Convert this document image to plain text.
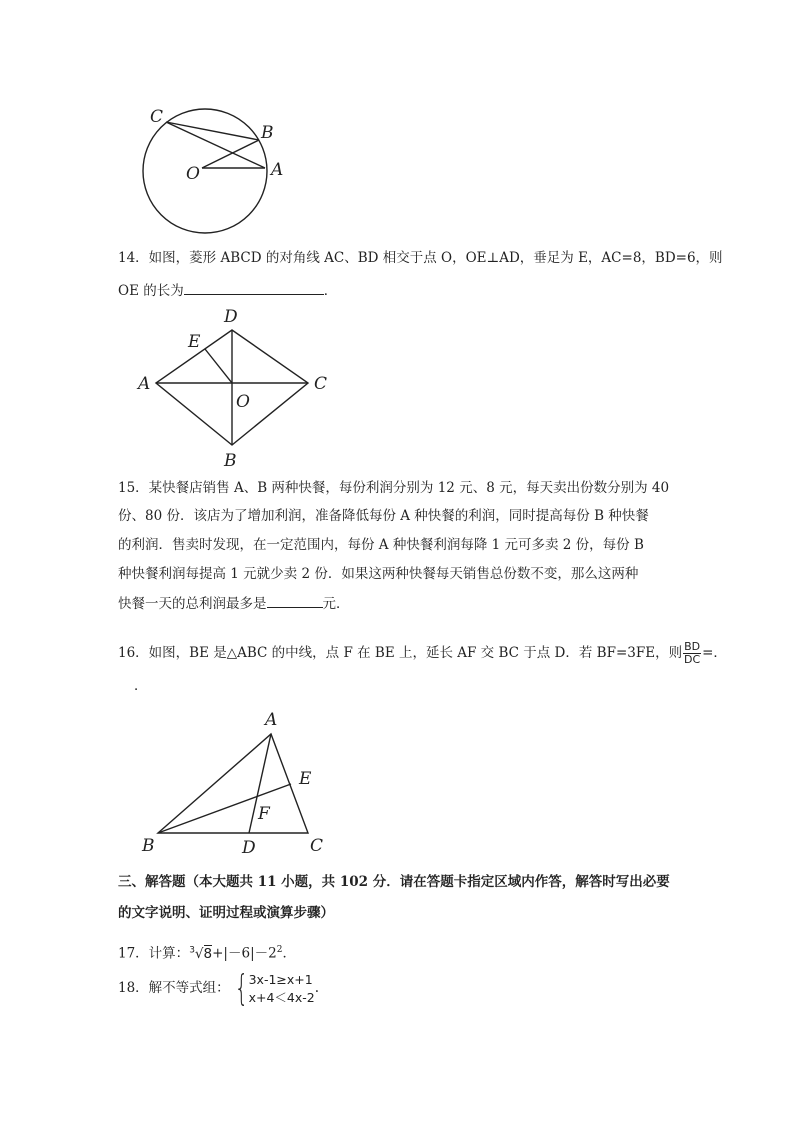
C
B
O	A
14．如图，菱形 ABCD 的对角线 AC、BD 相交于点 O，OE⊥AD，垂足为 E，AC=8，BD=6，则
OE 的长为	．
D
E
A	C
O
B
15．某快餐店销售 A、B 两种快餐，每份利润分别为 12 元、8 元，每天卖出份数分别为 40
份、80 份．该店为了增加利润，准备降低每份 A 种快餐的利润，同时提高每份 B 种快餐
的利润．售卖时发现，在一定范围内，每份 A 种快餐利润每降 1 元可多卖 2 份，每份 B
种快餐利润每提高 1 元就少卖 2 份．如果这两种快餐每天销售总份数不变，那么这两种
快餐一天的总利润最多是	元．
16．如图，BE 是△ABC 的中线，点 F 在 BE 上，延长 AF 交 BC 于点 D．若 BF=3FE，则 $\frac{BD}{DC}$ =．
．
A
E
F
B	D	C
三、解答题（本大题共 11 小题，共 102 分．请在答题卡指定区域内作答，解答时写出必要
的文字说明、证明过程或演算步骤）
17．计算：$^3√8+|-6|-2^2$．
18．解不等式组： { 3x-1≥x+1
x+4＜4x-2
.
